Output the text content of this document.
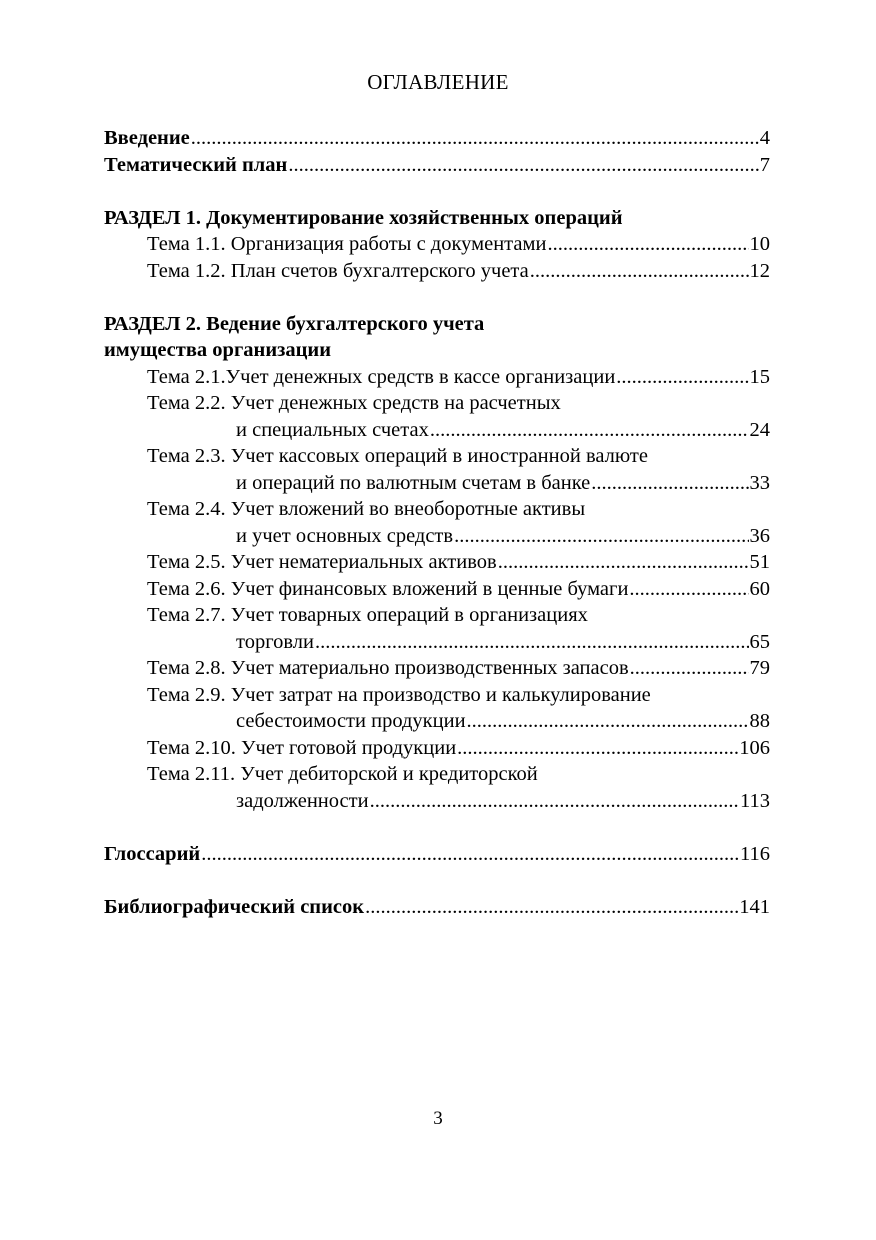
ОГЛАВЛЕНИЕ
Введение .....	4
Тематический план .....	7
РАЗДЕЛ 1. Документирование хозяйственных операций
Тема 1.1. Организация работы с документами .....	10
Тема 1.2. План счетов бухгалтерского учета .....	12
РАЗДЕЛ 2. Ведение бухгалтерского учета
имущества организации
Тема 2.1.Учет денежных средств в кассе организации .....	15
Тема 2.2. Учет денежных средств на расчетных
и специальных счетах .....	24
Тема 2.3. Учет кассовых операций в иностранной валюте
и операций по валютным счетам в банке .....	33
Тема 2.4. Учет вложений во внеоборотные активы
и учет основных средств .....	36
Тема 2.5. Учет нематериальных активов .....	51
Тема 2.6. Учет финансовых вложений в ценные бумаги .....	60
Тема 2.7. Учет товарных операций в организациях
торговли .....	65
Тема 2.8. Учет материально производственных запасов .....	79
Тема 2.9. Учет затрат на производство и калькулирование
себестоимости продукции .....	88
Тема 2.10. Учет готовой продукции .....	106
Тема 2.11. Учет дебиторской и кредиторской
задолженности .....	113
Глоссарий .....	116
Библиографический список .....	141
3
